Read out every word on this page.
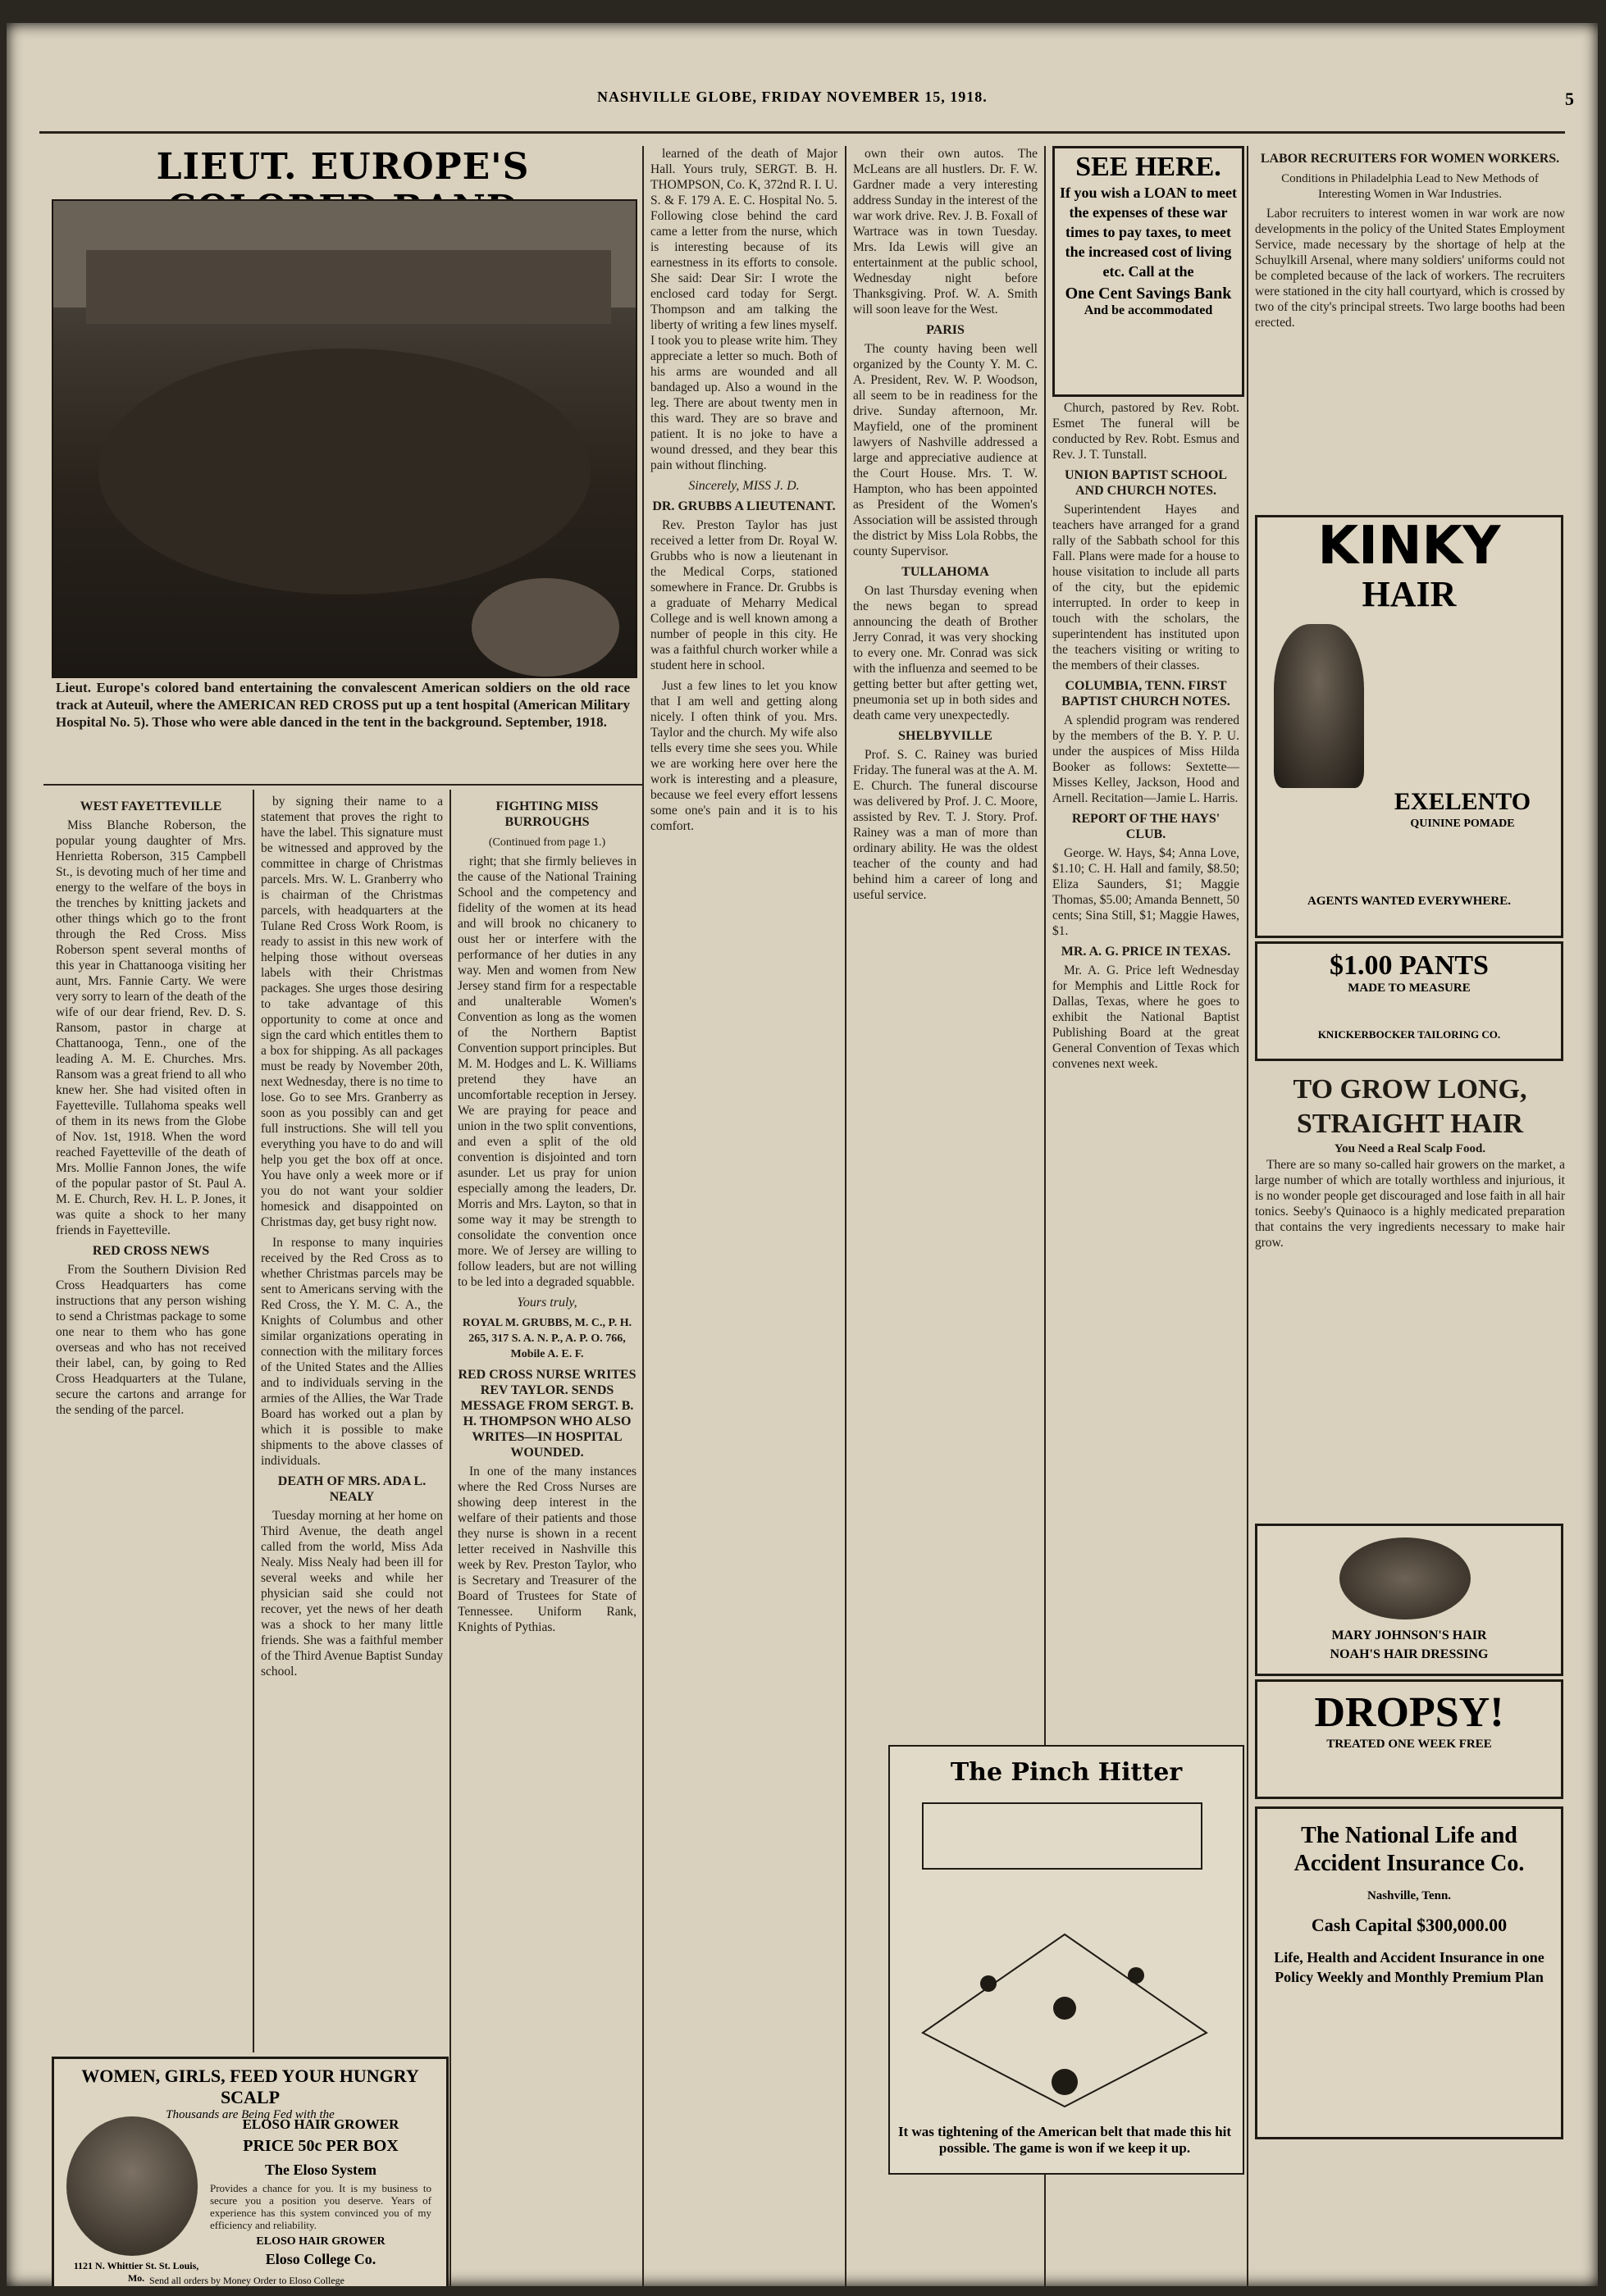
NASHVILLE GLOBE, FRIDAY NOVEMBER 15, 1918.	5
LIEUT. EUROPE'S
Lieut. Europe's colored band entertaining the convalescent American soldiers on the old race track at Auteuil, where the AMERICAN RED CROSS put up a tent hospital (American Military Hospital No. 5). Those who were able danced in the tent in the background. September, 1918.
WEST FAYETTEVILLE

Miss Blanche Roberson, the popular young daughter of Mrs. Henrietta Roberson, 315 Campbell St., is devoting much of her time and energy to the welfare of the boys in the trenches by knitting jackets and other things which go to the front through the Red Cross. Miss Roberson spent several months of this year in Chattanooga visiting her aunt, Mrs. Fannie Carty. We were very sorry to learn of the death of the wife of our dear friend, Rev. D. S. Ransom, pastor in charge at Chattanooga, Tenn., one of the leading A. M. E. Churches. Mrs. Ransom was a great friend to all who knew her. She had visited often in Fayetteville. Tullahoma speaks well of them in its news from the Globe of Nov. 1st, 1918. When the word reached Fayetteville of the death of Mrs. Mollie Fannon Jones, the wife of the popular pastor of St. Paul A. M. E. Church, Rev. H. L. P. Jones, it was quite a shock to her many friends in Fayetteville.

RED CROSS NEWS

From the Southern Division Red Cross Headquarters has come instructions that any person wishing to send a Christmas package to some one near to them who has gone overseas and who has not received their label, can, by going to Red Cross Headquarters at the Tulane, secure the cartons and arrange for the sending of the parcel.

by signing their name to a statement that proves the right to have the label. This signature must be witnessed and approved by the committee in charge of Christmas parcels. Mrs. W. L. Granberry who is chairman of the Christmas parcels, with headquarters at the Tulane Red Cross Work Room, is ready to assist in this new work of helping those without overseas labels with their Christmas packages. She urges those desiring to take advantage of this opportunity to come at once and sign the card which entitles them to a box for shipping. As all packages must be ready by November 20th, next Wednesday, there is no time to lose. Go to see Mrs. Granberry as soon as you possibly can and get full instructions. She will tell you everything you have to do and will help you get the box off at once. You have only a week more or if you do not want your soldier homesick and disappointed on Christmas day, get busy right now.

In response to many inquiries received by the Red Cross as to whether Christmas parcels may be sent to Americans serving with the Red Cross, the Y. M. C. A., the Knights of Columbus and other similar organizations operating in connection with the military forces of the United States and the Allies and to individuals serving in the armies of the Allies, the War Trade Board has worked out a plan by which it is possible to make shipments to the above classes of individuals.

DEATH OF MRS. ADA L. NEALY

Tuesday morning at her home on Third Avenue, the death angel called from the world, Miss Ada Nealy. Miss Nealy had been ill for several weeks and while her physician said she could not recover, yet the news of her death was a shock to her many little friends. She was a faithful member of the Third Avenue Baptist Sunday school.

WOMEN, GIRLS, FEED YOUR HUNGRY SCALP
Thousands are Being Fed with the
ELOSO HAIR GROWER
PRICE 50c PER BOX
The Eloso System
Provides a chance for you. It is my business to secure you a position you deserve. Years of experience has this system convinced you of my efficiency and reliability.
ELOSO HAIR GROWER
Eloso College Co.
1121 N. Whittier St. St. Louis, Mo. Send all orders by Money Order to Eloso College
FIGHTING MISS BURROUGHS
(Continued from page 1.)

right; that she firmly believes in the cause of the National Training School and the competency and fidelity of the women at its head and will brook no chicanery to oust her or interfere with the performance of her duties in any way. Men and women from New Jersey stand firm for a respectable and unalterable Women's Convention as long as the women of the Northern Baptist Convention support principles. But M. M. Hodges and L. K. Williams pretend they have an uncomfortable reception in Jersey. We are praying for peace and union in the two split conventions, and even a split of the old convention is disjointed and torn asunder. Let us pray for union especially among the leaders, Dr. Morris and Mrs. Layton, so that in some way it may be strength to consolidate the convention once more. We of Jersey are willing to follow leaders, but are not willing to be led into a degraded squabble.

Yours truly,
ROYAL M. GRUBBS, M. C., P. H. 265, 317 S. A. N. P., A. P. O. 766, Mobile A. E. F.
RED CROSS NURSE WRITES REV TAYLOR. SENDS MESSAGE FROM SERGT. B. H. THOMPSON WHO ALSO WRITES—IN HOSPITAL WOUNDED.

In one of the many instances where the Red Cross Nurses are showing deep interest in the welfare of their patients and those they nurse is shown in a recent letter received in Nashville this week by Rev. Preston Taylor, who is Secretary and Treasurer of the Board of Trustees for State of Tennessee. Uniform Rank, Knights of Pythias.

learned of the death of Major Hall. Yours truly, SERGT. B. H. THOMPSON, Co. K, 372nd R. I. U. S. & F. 179 A. E. C. Hospital No. 5. Following close behind the card came a letter from the nurse, which is interesting because of its earnestness in its efforts to console. She said: Dear Sir: I wrote the enclosed card today for Sergt. Thompson and am talking the liberty of writing a few lines myself. I took you to please write him. They appreciate a letter so much. Both of his arms are wounded and all bandaged up. Also a wound in the leg. There are about twenty men in this ward. They are so brave and patient. It is no joke to have a wound dressed, and they bear this pain without flinching.

Sincerely, MISS J. D.
DR. GRUBBS A LIEUTENANT.

Rev. Preston Taylor has just received a letter from Dr. Royal W. Grubbs who is now a lieutenant in the Medical Corps, stationed somewhere in France. Dr. Grubbs is a graduate of Meharry Medical College and is well known among a number of people in this city. He was a faithful church worker while a student here in school.

Just a few lines to let you know that I am well and getting along nicely. I often think of you. Mrs. Taylor and the church. My wife also tells every time she sees you. While we are working here over here the work is interesting and a pleasure, because we feel every effort lessens some one's pain and it is to his comfort.

own their own autos. The McLeans are all hustlers. Dr. F. W. Gardner made a very interesting address Sunday in the interest of the war work drive. Rev. J. B. Foxall of Wartrace was in town Tuesday. Mrs. Ida Lewis will give an entertainment at the public school, Wednesday night before Thanksgiving. Prof. W. A. Smith will soon leave for the West.

PARIS

The county having been well organized by the County Y. M. C. A. President, Rev. W. P. Woodson, all seem to be in readiness for the drive. Sunday afternoon, Mr. Mayfield, one of the prominent lawyers of Nashville addressed a large and appreciative audience at the Court House. Mrs. T. W. Hampton, who has been appointed as President of the Women's Association will be assisted through the district by Miss Lola Robbs, the county Supervisor.

TULLAHOMA

On last Thursday evening when the news began to spread announcing the death of Brother Jerry Conrad, it was very shocking to every one. Mr. Conrad was sick with the influenza and seemed to be getting better but after getting wet, pneumonia set up in both sides and death came very unexpectedly.

SHELBYVILLE

Prof. S. C. Rainey was buried Friday. The funeral was at the A. M. E. Church. The funeral discourse was delivered by Prof. J. C. Moore, assisted by Rev. T. J. Story. Prof. Rainey was a man of more than ordinary ability. He was the oldest teacher of the county and had behind him a career of long and useful service.

The Pinch Hitter
It was tightening of the American belt that made this hit possible. The game is won if we keep it up.
SEE HERE.
If you wish a LOAN to meet the expenses of these war times to pay taxes, to meet the increased cost of living etc. Call at the
One Cent Savings Bank
And be accommodated

Church, pastored by Rev. Robt. Esmet The funeral will be conducted by Rev. Robt. Esmus and Rev. J. T. Tunstall.

UNION BAPTIST SCHOOL AND CHURCH NOTES.

Superintendent Hayes and teachers have arranged for a grand rally of the Sabbath school for this Fall. Plans were made for a house to house visitation to include all parts of the city, but the epidemic interrupted. In order to keep in touch with the scholars, the superintendent has instituted upon the teachers visiting or writing to the members of their classes.

COLUMBIA, TENN. FIRST BAPTIST CHURCH NOTES.

A splendid program was rendered by the members of the B. Y. P. U. under the auspices of Miss Hilda Booker as follows: Sextette—Misses Kelley, Jackson, Hood and Arnell. Recitation—Jamie L. Harris.

REPORT OF THE HAYS' CLUB.

George. W. Hays, $4; Anna Love, $1.10; C. H. Hall and family, $8.50; Eliza Saunders, $1; Maggie Thomas, $5.00; Amanda Bennett, 50 cents; Sina Still, $1; Maggie Hawes, $1.

MR. A. G. PRICE IN TEXAS.

Mr. A. G. Price left Wednesday for Memphis and Little Rock for Dallas, Texas, where he goes to exhibit the National Baptist Publishing Board at the great General Convention of Texas which convenes next week.

LABOR RECRUITERS FOR WOMEN WORKERS.
Conditions in Philadelphia Lead to New Methods of Interesting Women in War Industries.

Labor recruiters to interest women in war work are now developments in the policy of the United States Employment Service, made necessary by the shortage of help at the Schuylkill Arsenal, where many soldiers' uniforms could not be completed because of the lack of workers. The recruiters were stationed in the city hall courtyard, which is crossed by two of the city's principal streets. Two large booths had been erected.

KINKY
HAIR
EXELENTO
QUININE POMADE
AGENTS WANTED EVERYWHERE.
$1.00 PANTS
MADE TO MEASURE
KNICKERBOCKER TAILORING CO.
TO GROW LONG, STRAIGHT HAIR
You Need a Real Scalp Food.

There are so many so-called hair growers on the market, a large number of which are totally worthless and injurious, it is no wonder people get discouraged and lose faith in all hair tonics. Seeby's Quinaoco is a highly medicated preparation that contains the very ingredients necessary to make hair grow.

MARY JOHNSON'S HAIR
NOAH'S HAIR DRESSING
DROPSY!
TREATED ONE WEEK FREE
The National Life and Accident Insurance Co.
Nashville, Tenn.
Cash Capital $300,000.00
Life, Health and Accident Insurance in one Policy Weekly and Monthly Premium Plan
